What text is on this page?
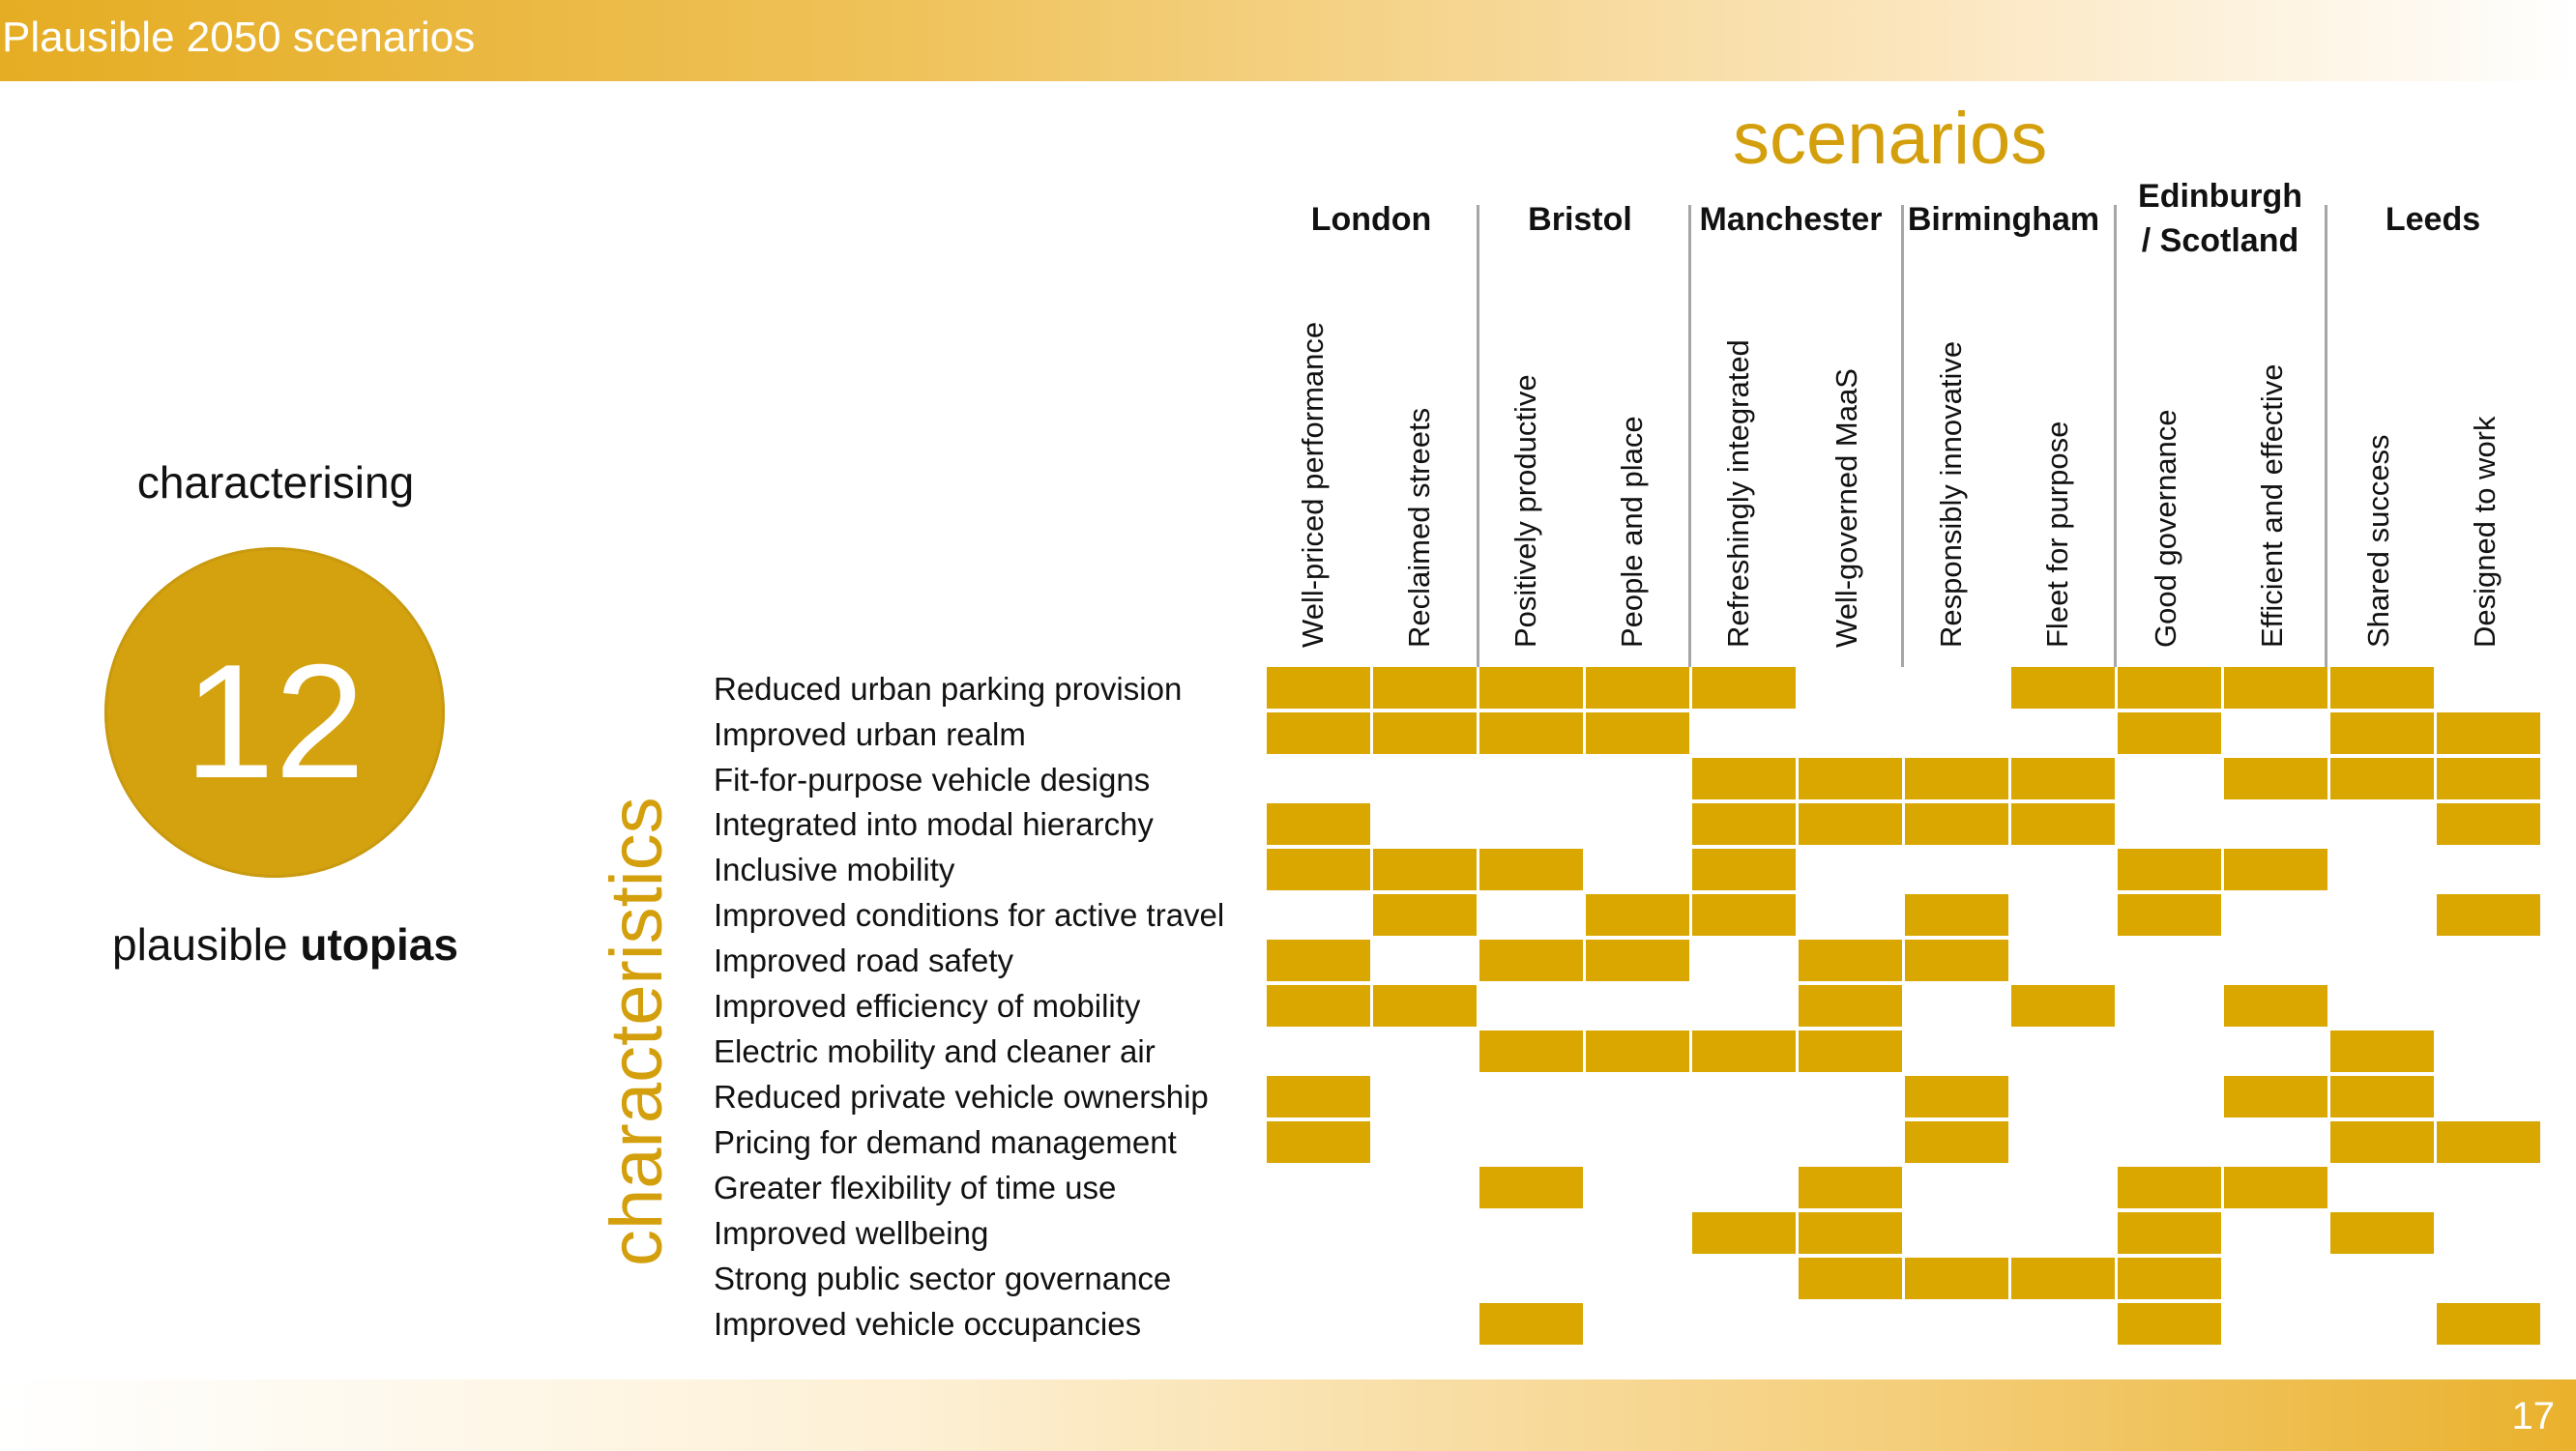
Plausible 2050 scenarios
characterising
12
plausible utopias
scenarios
characteristics
London	Bristol	Manchester Birmingham
Edinburgh
/ Scotland
Leeds
Well-priced performance Reclaimed streets Positively productive People and place Refreshingly integrated Well-governed MaaS Responsibly innovative Fleet for purpose Good governance Efficient and effective Shared success Designed to work
Reduced urban parking provision
Improved urban realm
Fit-for-purpose vehicle designs
Integrated into modal hierarchy
Inclusive mobility
Improved conditions for active travel
Improved road safety
Improved efficiency of mobility
Electric mobility and cleaner air
Reduced private vehicle ownership
Pricing for demand management
Greater flexibility of time use
Improved wellbeing
Strong public sector governance
Improved vehicle occupancies
17
